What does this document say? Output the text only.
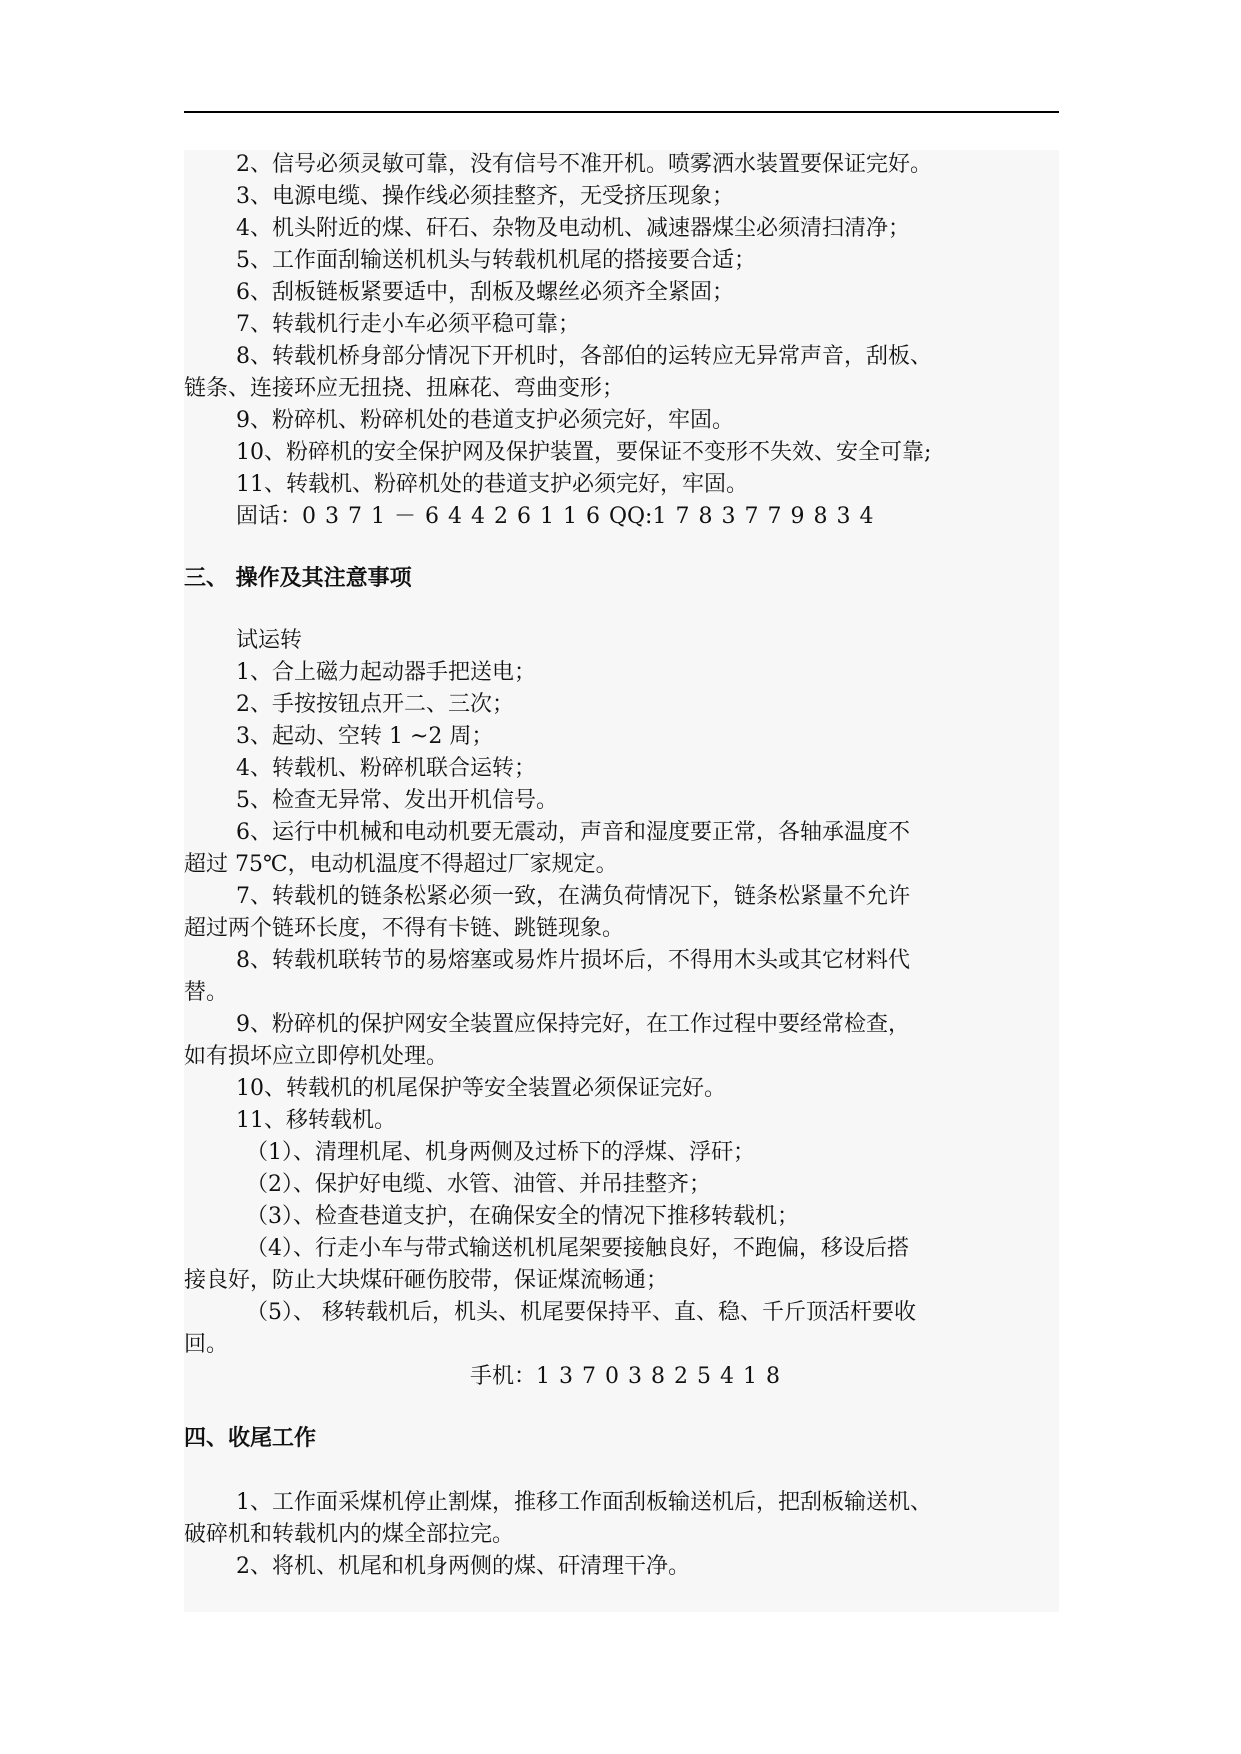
2、信号必须灵敏可靠，没有信号不准开机。喷雾洒水装置要保证完好。
3、电源电缆、操作线必须挂整齐，无受挤压现象；
4、机头附近的煤、矸石、杂物及电动机、减速器煤尘必须清扫清净；
5、工作面刮输送机机头与转载机机尾的搭接要合适；
6、刮板链板紧要适中，刮板及螺丝必须齐全紧固；
7、转载机行走小车必须平稳可靠；
8、转载机桥身部分情况下开机时，各部伯的运转应无异常声音，刮板、
链条、连接环应无扭挠、扭麻花、弯曲变形；
9、粉碎机、粉碎机处的巷道支护必须完好，牢固。
10、粉碎机的安全保护网及保护装置，要保证不变形不失效、安全可靠;
11、转载机、粉碎机处的巷道支护必须完好，牢固。
固话：0371－64426116QQ:1783779834
三、 操作及其注意事项
试运转
1、合上磁力起动器手把送电；
2、手按按钮点开二、三次；
3、起动、空转 1 ~2 周；
4、转载机、粉碎机联合运转；
5、检查无异常、发出开机信号。
6、运行中机械和电动机要无震动，声音和湿度要正常，各轴承温度不
超过 75℃，电动机温度不得超过厂家规定。
7、转载机的链条松紧必须一致，在满负荷情况下，链条松紧量不允许
超过两个链环长度，不得有卡链、跳链现象。
8、转载机联转节的易熔塞或易炸片损坏后，不得用木头或其它材料代
替。
9、粉碎机的保护网安全装置应保持完好，在工作过程中要经常检查，
如有损坏应立即停机处理。
10、转载机的机尾保护等安全装置必须保证完好。
11、移转载机。
（1）、清理机尾、机身两侧及过桥下的浮煤、浮矸；
（2）、保护好电缆、水管、油管、并吊挂整齐；
（3）、检查巷道支护，在确保安全的情况下推移转载机；
（4）、行走小车与带式输送机机尾架要接触良好，不跑偏，移设后搭
接良好，防止大块煤矸砸伤胶带，保证煤流畅通；
（5）、 移转载机后，机头、机尾要保持平、直、稳、千斤顶活杆要收
回。
手机：13703825418
四、收尾工作
1、工作面采煤机停止割煤，推移工作面刮板输送机后，把刮板输送机、
破碎机和转载机内的煤全部拉完。
2、将机、机尾和机身两侧的煤、矸清理干净。
